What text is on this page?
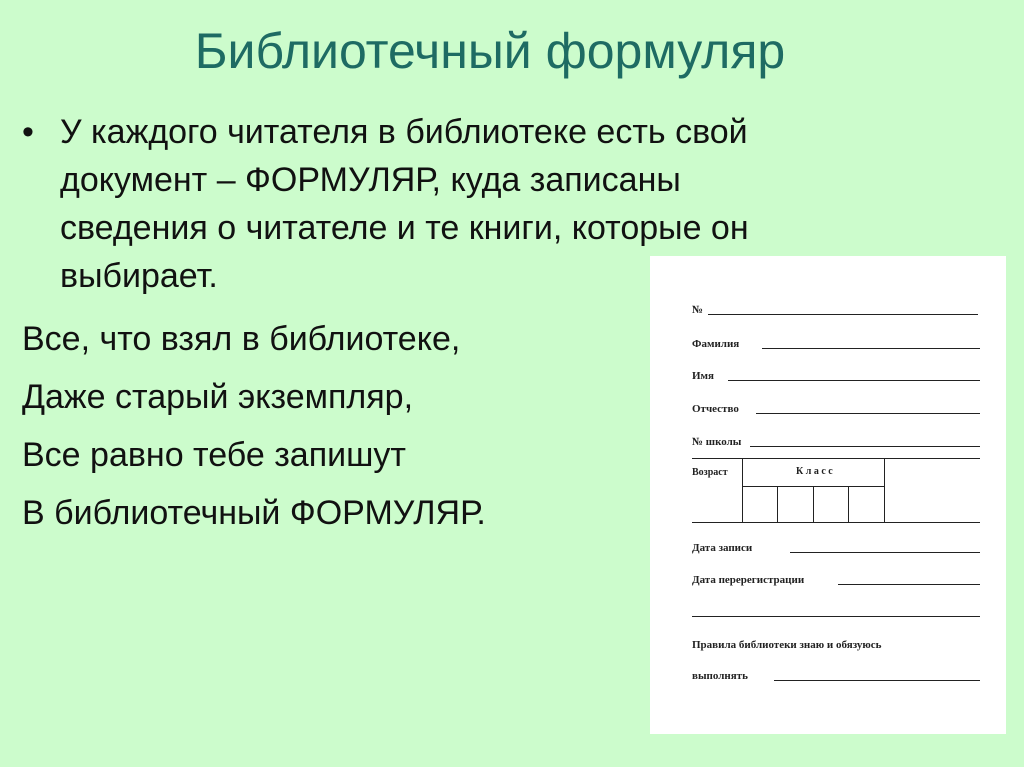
Библиотечный формуляр
• У каждого читателя в библиотеке есть свой
документ – ФОРМУЛЯР, куда записаны
сведения о читателе и те книги, которые он
выбирает.
Все, что взял в библиотеке,
Даже старый экземпляр,
Все равно тебе запишут
В библиотечный ФОРМУЛЯР.
№
Фамилия
Имя
Отчество
№ школы
Возраст	К л а с с
Дата записи
Дата перерегистрации
Правила библиотеки знаю и обязуюсь
выполнять
